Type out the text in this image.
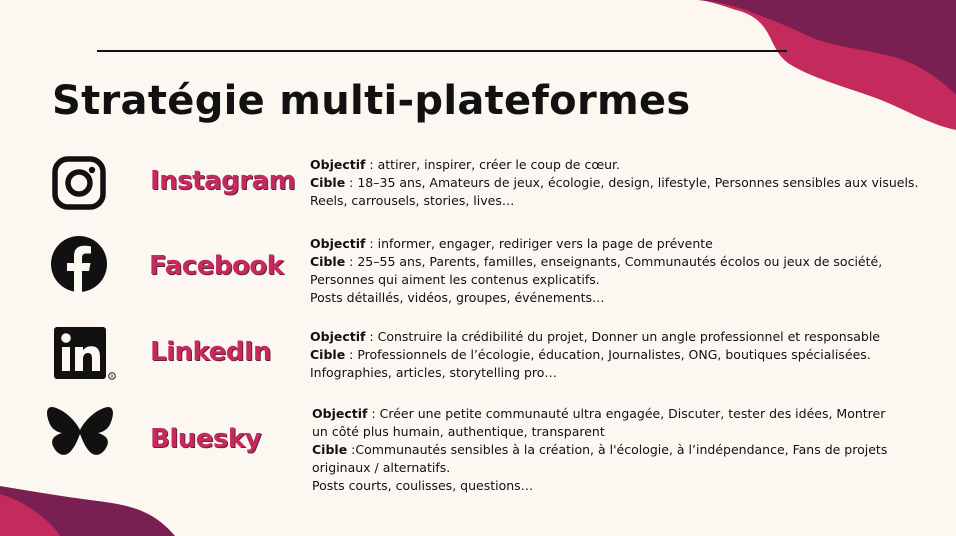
Stratégie multi-plateformes
Instagram

Objectif : attirer, inspirer, créer le coup de cœur.

Cible : 18–35 ans, Amateurs de jeux, écologie, design, lifestyle, Personnes sensibles aux visuels.

Reels, carrousels, stories, lives…

Facebook

Objectif : informer, engager, rediriger vers la page de prévente

Cible : 25–55 ans, Parents, familles, enseignants, Communautés écolos ou jeux de société, Personnes qui aiment les contenus explicatifs.

Posts détaillés, vidéos, groupes, événements…

R
LinkedIn

Objectif : Construire la crédibilité du projet, Donner un angle professionnel et responsable

Cible : Professionnels de l’écologie, éducation, Journalistes, ONG, boutiques spécialisées.

Infographies, articles, storytelling pro…

Bluesky

Objectif : Créer une petite communauté ultra engagée, Discuter, tester des idées, Montrer un côté plus humain, authentique, transparent

Cible :Communautés sensibles à la création, à l'écologie, à l’indépendance, Fans de projets originaux / alternatifs.

Posts courts, coulisses, questions…
